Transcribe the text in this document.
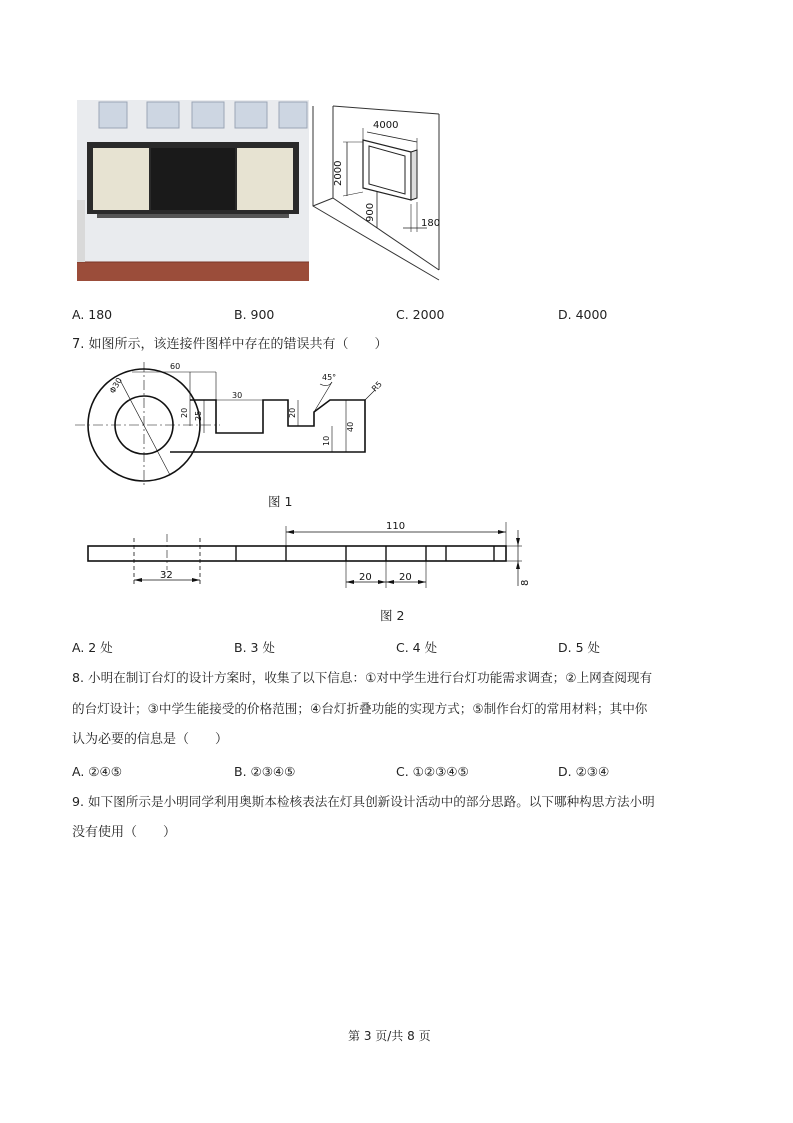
4000
2000
900
180
A. 180	B. 900	C. 2000	D. 4000
7. 如图所示，该连接件图样中存在的错误共有（　　）
60
Φ30
30
45°
R5
20 25	20
10
40
图 1
110
32	20	20	8
图 2
A. 2 处	B. 3 处	C. 4 处	D. 5 处
8. 小明在制订台灯的设计方案时，收集了以下信息：①对中学生进行台灯功能需求调查；②上网查阅现有
的台灯设计；③中学生能接受的价格范围；④台灯折叠功能的实现方式；⑤制作台灯的常用材料；其中你
认为必要的信息是（　　）
A. ②④⑤	B. ②③④⑤	C. ①②③④⑤	D. ②③④
9. 如下图所示是小明同学利用奥斯本检核表法在灯具创新设计活动中的部分思路。以下哪种构思方法小明
没有使用（　　）
第 3 页/共 8 页
